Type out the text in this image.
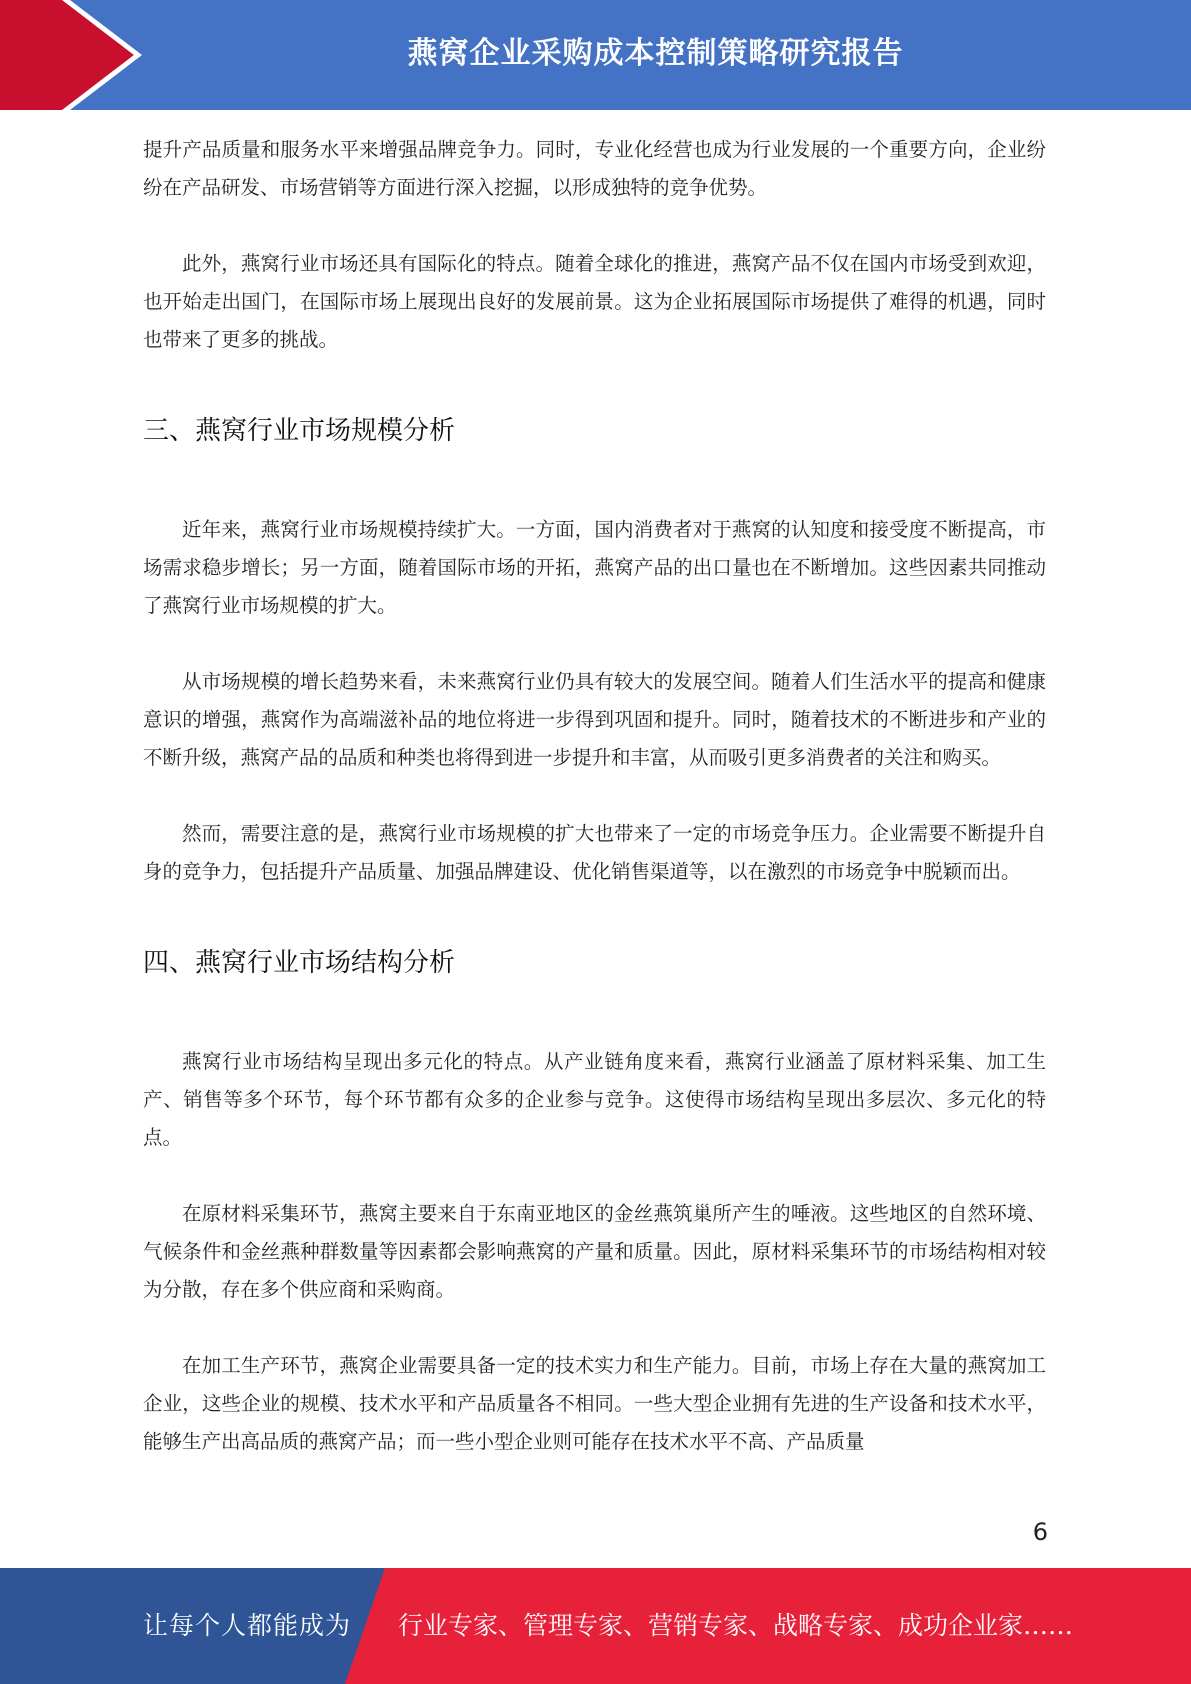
燕窝企业采购成本控制策略研究报告

提升产品质量和服务水平来增强品牌竞争力。同时，专业化经营也成为行业发展的一个重要方向，企业纷纷在产品研发、市场营销等方面进行深入挖掘，以形成独特的竞争优势。

此外，燕窝行业市场还具有国际化的特点。随着全球化的推进，燕窝产品不仅在国内市场受到欢迎，也开始走出国门，在国际市场上展现出良好的发展前景。这为企业拓展国际市场提供了难得的机遇，同时也带来了更多的挑战。

三、燕窝行业市场规模分析

近年来，燕窝行业市场规模持续扩大。一方面，国内消费者对于燕窝的认知度和接受度不断提高，市场需求稳步增长；另一方面，随着国际市场的开拓，燕窝产品的出口量也在不断增加。这些因素共同推动了燕窝行业市场规模的扩大。

从市场规模的增长趋势来看，未来燕窝行业仍具有较大的发展空间。随着人们生活水平的提高和健康意识的增强，燕窝作为高端滋补品的地位将进一步得到巩固和提升。同时，随着技术的不断进步和产业的不断升级，燕窝产品的品质和种类也将得到进一步提升和丰富，从而吸引更多消费者的关注和购买。

然而，需要注意的是，燕窝行业市场规模的扩大也带来了一定的市场竞争压力。企业需要不断提升自身的竞争力，包括提升产品质量、加强品牌建设、优化销售渠道等，以在激烈的市场竞争中脱颖而出。

四、燕窝行业市场结构分析

燕窝行业市场结构呈现出多元化的特点。从产业链角度来看，燕窝行业涵盖了原材料采集、加工生产、销售等多个环节，每个环节都有众多的企业参与竞争。这使得市场结构呈现出多层次、多元化的特点。

在原材料采集环节，燕窝主要来自于东南亚地区的金丝燕筑巢所产生的唾液。这些地区的自然环境、气候条件和金丝燕种群数量等因素都会影响燕窝的产量和质量。因此，原材料采集环节的市场结构相对较为分散，存在多个供应商和采购商。

在加工生产环节，燕窝企业需要具备一定的技术实力和生产能力。目前，市场上存在大量的燕窝加工企业，这些企业的规模、技术水平和产品质量各不相同。一些大型企业拥有先进的生产设备和技术水平，能够生产出高品质的燕窝产品；而一些小型企业则可能存在技术水平不高、产品质量

6
让每个人都能成为 行业专家、管理专家、营销专家、战略专家、成功企业家……
